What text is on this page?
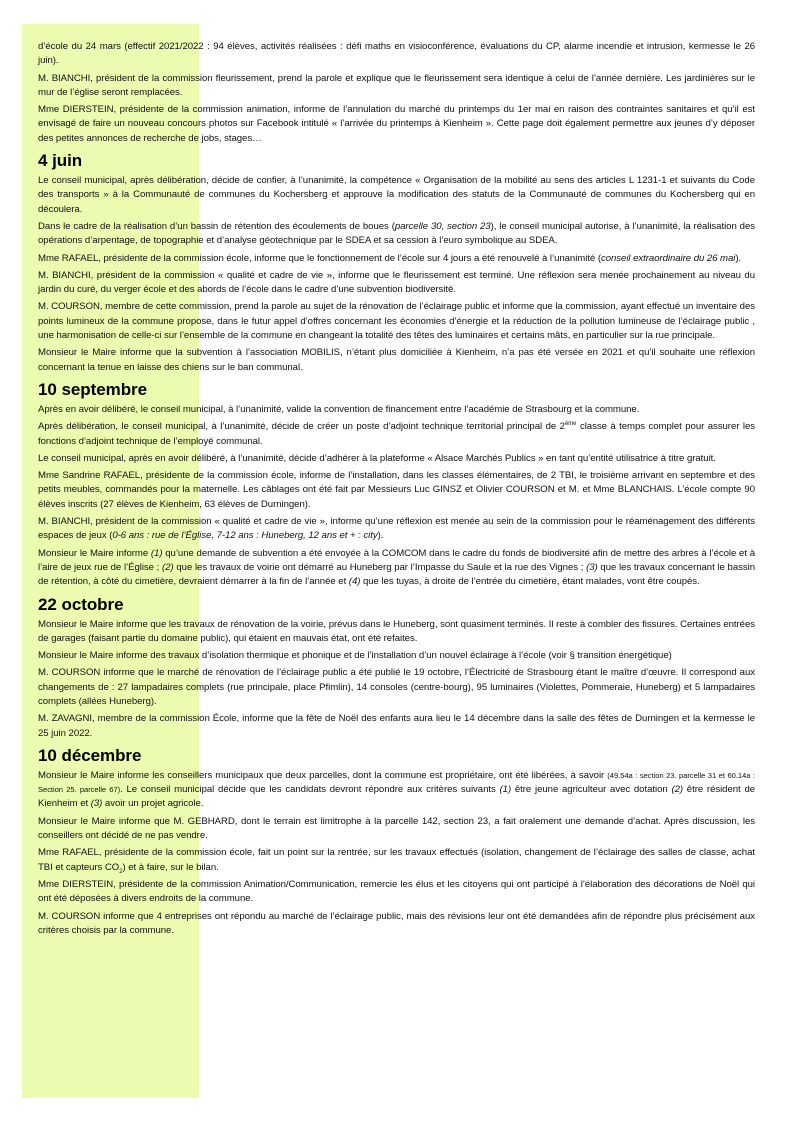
d’école du 24 mars (effectif 2021/2022 : 94 élèves, activités réalisées : défi maths en visioconférence, évaluations du CP, alarme incendie et intrusion, kermesse le 26 juin).

M. BIANCHI, président de la commission fleurissement, prend la parole et explique que le fleurissement sera identique à celui de l’année dernière. Les jardinières sur le mur de l’église seront remplacées.

Mme DIERSTEIN, présidente de la commission animation, informe de l’annulation du marché du printemps du 1er mai en raison des contraintes sanitaires et qu’il est envisagé de faire un nouveau concours photos sur Facebook intitulé « l’arrivée du printemps à Kienheim ». Cette page doit également permettre aux jeunes d’y déposer des petites annonces de recherche de jobs, stages…

4 juin

Le conseil municipal, après délibération, décide de confier, à l’unanimité, la compétence « Organisation de la mobilité au sens des articles L 1231-1 et suivants du Code des transports » à la Communauté de communes du Kochersberg et approuve la modification des statuts de la Communauté de communes du Kochersberg qui en découlera.

Dans le cadre de la réalisation d’un bassin de rétention des écoulements de boues (parcelle 30, section 23), le conseil municipal autorise, à l’unanimité, la réalisation des opérations d’arpentage, de topographie et d’analyse géotechnique par le SDEA et sa cession à l’euro symbolique au SDEA.

Mme RAFAEL, présidente de la commission école, informe que le fonctionnement de l’école sur 4 jours a été renouvelé à l’unanimité (conseil extraordinaire du 26 mai).

M. BIANCHI, président de la commission « qualité et cadre de vie », informe que le fleurissement est terminé. Une réflexion sera menée prochainement au niveau du jardin du curé, du verger école et des abords de l’école dans le cadre d’une subvention biodiversité.

M. COURSON, membre de cette commission, prend la parole au sujet de la rénovation de l’éclairage public et informe que la commission, ayant effectué un inventaire des points lumineux de la commune propose, dans le futur appel d’offres concernant les économies d’énergie et la réduction de la pollution lumineuse de l’éclairage public , une harmonisation de celle-ci sur l’ensemble de la commune en changeant la totalité des têtes des luminaires et certains mâts, en particulier sur la rue principale.

Monsieur le Maire informe que la subvention à l’association MOBILIS, n’étant plus domiciliée à Kienheim, n’a pas été versée en 2021 et qu’il souhaite une réflexion concernant la tenue en laisse des chiens sur le ban communal.

10 septembre

Après en avoir délibéré, le conseil municipal, à l’unanimité, valide la convention de financement entre l’académie de Strasbourg et la commune.

Après délibération, le conseil municipal, à l’unanimité, décide de créer un poste d’adjoint technique territorial principal de 2ème classe à temps complet pour assurer les fonctions d’adjoint technique de l’employé communal.

Le conseil municipal, après en avoir délibéré, à l’unanimité, décide d’adhérer à la plateforme « Alsace Marchés Publics » en tant qu’entité utilisatrice à titre gratuit.

Mme Sandrine RAFAEL, présidente de la commission école, informe de l’installation, dans les classes élémentaires, de 2 TBI, le troisième arrivant en septembre et des petits meubles, commandés pour la maternelle. Les câblages ont été fait par Messieurs Luc GINSZ et Olivier COURSON et M. et Mme BLANCHAIS. L’école compte 90 élèves inscrits (27 élèves de Kienheim, 63 élèves de Durningen).

M. BIANCHI, président de la commission « qualité et cadre de vie », informe qu’une réflexion est menée au sein de la commission pour le réaménagement des différents espaces de jeux (0-6 ans : rue de l’Église, 7-12 ans : Huneberg, 12 ans et + : city).

Monsieur le Maire informe (1) qu’une demande de subvention a été envoyée à la COMCOM dans le cadre du fonds de biodiversité afin de mettre des arbres à l’école et à l’aire de jeux rue de l’Église ; (2) que les travaux de voirie ont démarré au Huneberg par l’Impasse du Saule et la rue des Vignes ; (3) que les travaux concernant le bassin de rétention, à côté du cimetière, devraient démarrer à la fin de l’année et (4) que les tuyas, à droite de l’entrée du cimetière, étant malades, vont être coupés.

22 octobre

Monsieur le Maire informe que les travaux de rénovation de la voirie, prévus dans le Huneberg, sont quasiment terminés. Il reste à combler des fissures. Certaines entrées de garages (faisant partie du domaine public), qui étaient en mauvais état, ont été refaites.

Monsieur le Maire informe des travaux d’isolation thermique et phonique et de l’installation d’un nouvel éclairage à l’école (voir § transition énergétique)

M. COURSON informe que le marché de rénovation de l’éclairage public a été publié le 19 octobre, l’Électricité de Strasbourg étant le maître d’œuvre. Il correspond aux changements de : 27 lampadaires complets (rue principale, place Pfimlin), 14 consoles (centre-bourg), 95 luminaires (Violettes, Pommeraie, Huneberg) et 5 lampadaires complets (allées Huneberg).

M. ZAVAGNI, membre de la commission École, informe que la fête de Noël des enfants aura lieu le 14 décembre dans la salle des fêtes de Durningen et la kermesse le 25 juin 2022.

10 décembre

Monsieur le Maire informe les conseillers municipaux que deux parcelles, dont la commune est propriétaire, ont été libérées, à savoir (49.54a : section 23. parcelle 31 et 60.14a : Section 25. parcelle 67). Le conseil municipal décide que les candidats devront répondre aux critères suivants (1) être jeune agriculteur avec dotation (2) être résident de Kienheim et (3) avoir un projet agricole.

Monsieur le Maire informe que M. GEBHARD, dont le terrain est limitrophe à la parcelle 142, section 23, a fait oralement une demande d’achat. Après discussion, les conseillers ont décidé de ne pas vendre.

Mme RAFAEL, présidente de la commission école, fait un point sur la rentrée, sur les travaux effectués (isolation, changement de l’éclairage des salles de classe, achat TBI et capteurs $CO_2$) et à faire, sur le bilan.

Mme DIERSTEIN, présidente de la commission Animation/Communication, remercie les élus et les citoyens qui ont participé à l’élaboration des décorations de Noël qui ont été déposées à divers endroits de la commune.

M. COURSON informe que 4 entreprises ont répondu au marché de l’éclairage public, mais des révisions leur ont été demandées afin de répondre plus précisément aux critères choisis par la commune.
